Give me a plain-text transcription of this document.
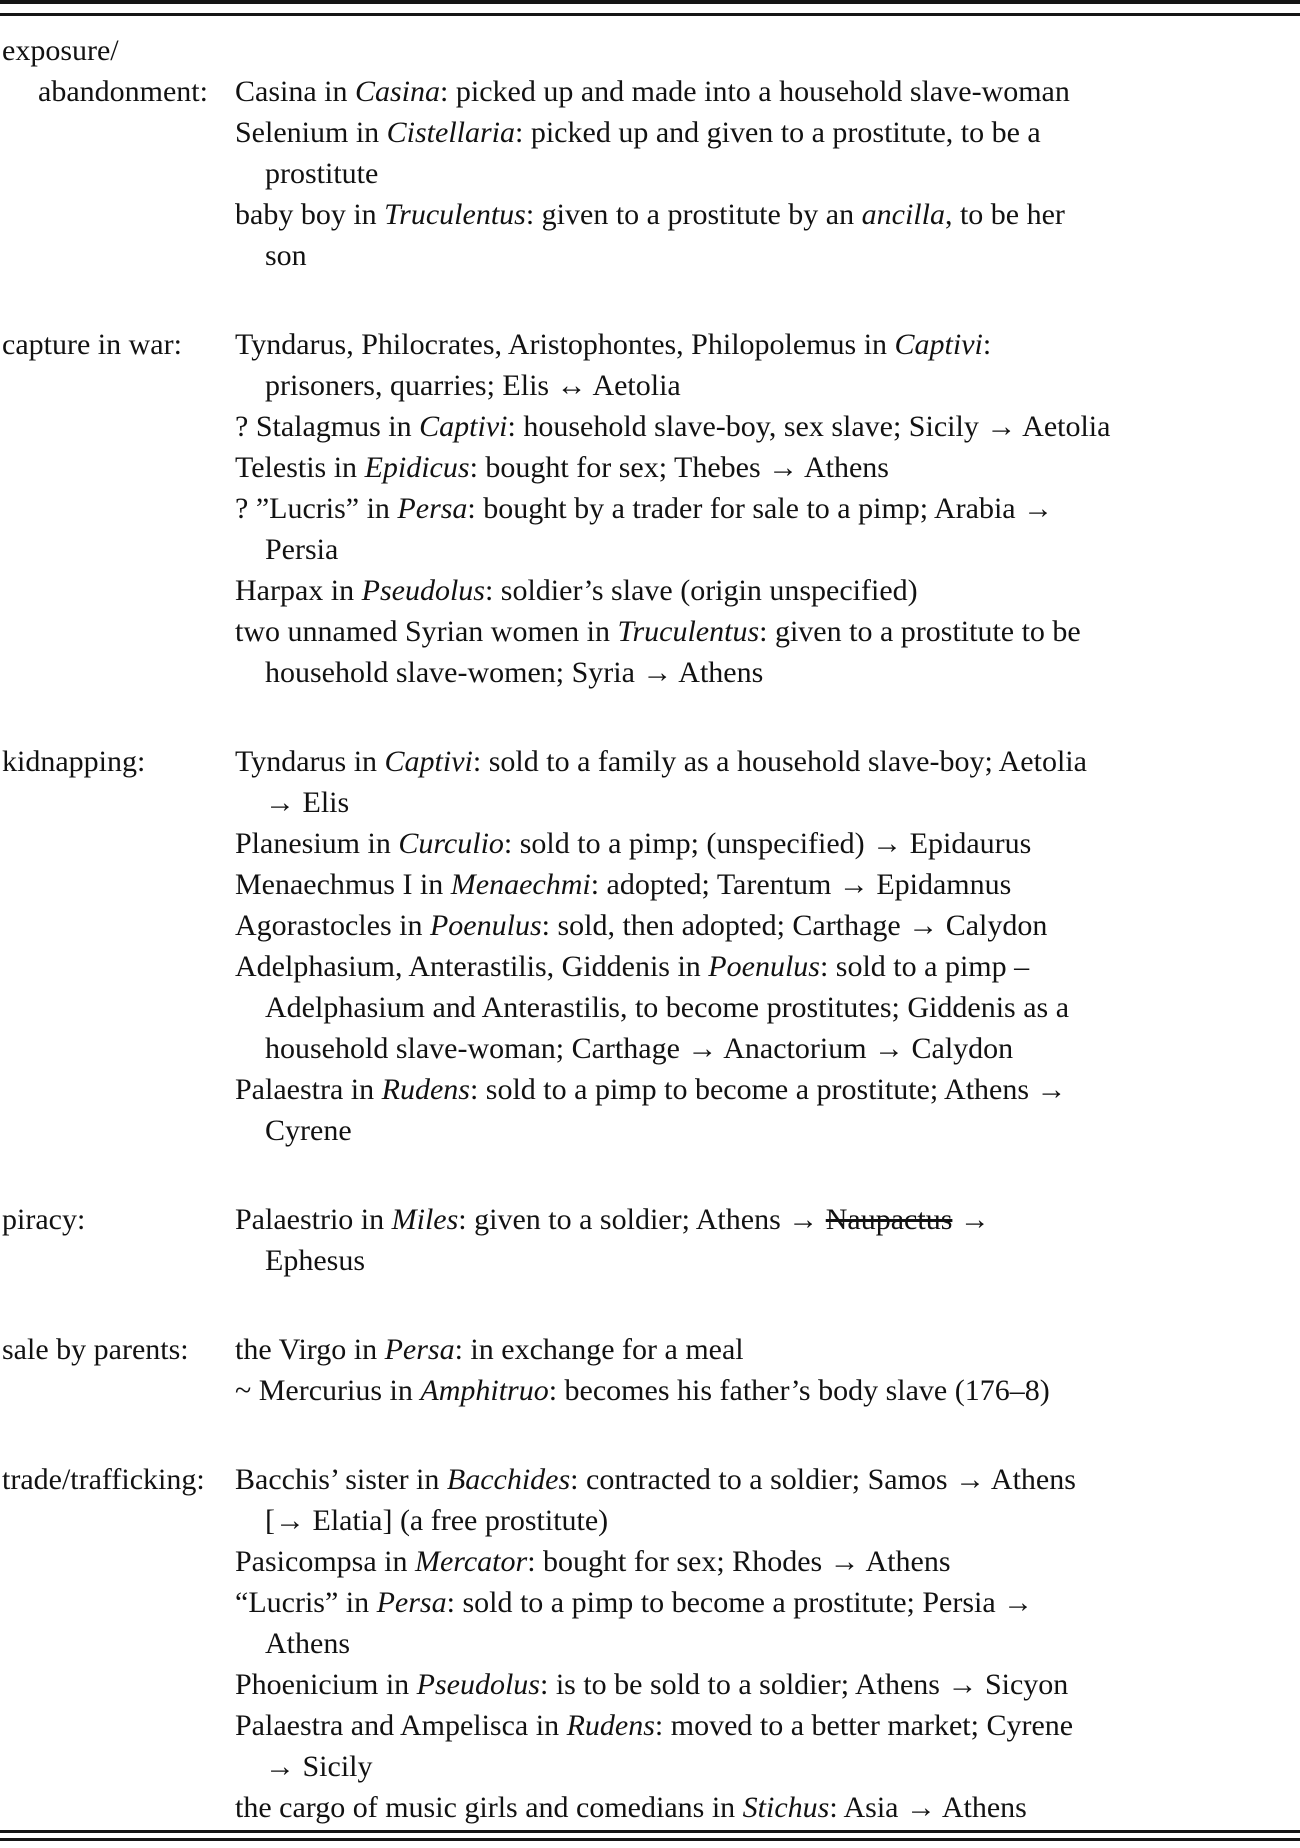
exposure/
abandonment: Casina in Casina: picked up and made into a household slave-woman
Selenium in Cistellaria: picked up and given to a prostitute, to be a
prostitute
baby boy in Truculentus: given to a prostitute by an ancilla, to be her
son
capture in war:	Tyndarus, Philocrates, Aristophontes, Philopolemus in Captivi:
prisoners, quarries; Elis ↔ Aetolia
? Stalagmus in Captivi: household slave-boy, sex slave; Sicily → Aetolia
Telestis in Epidicus: bought for sex; Thebes → Athens
? ”Lucris” in Persa: bought by a trader for sale to a pimp; Arabia →
Persia
Harpax in Pseudolus: soldier’s slave (origin unspecified)
two unnamed Syrian women in Truculentus: given to a prostitute to be
household slave-women; Syria → Athens
kidnapping:	Tyndarus in Captivi: sold to a family as a household slave-boy; Aetolia
→ Elis
Planesium in Curculio: sold to a pimp; (unspecified) → Epidaurus
Menaechmus I in Menaechmi: adopted; Tarentum → Epidamnus
Agorastocles in Poenulus: sold, then adopted; Carthage → Calydon
Adelphasium, Anterastilis, Giddenis in Poenulus: sold to a pimp –
Adelphasium and Anterastilis, to become prostitutes; Giddenis as a
household slave-woman; Carthage → Anactorium → Calydon
Palaestra in Rudens: sold to a pimp to become a prostitute; Athens →
Cyrene
piracy:	Palaestrio in Miles: given to a soldier; Athens → Naupactus →
Ephesus
sale by parents:	the Virgo in Persa: in exchange for a meal
~ Mercurius in Amphitruo: becomes his father’s body slave (176–8)
trade/trafficking:	Bacchis’ sister in Bacchides: contracted to a soldier; Samos → Athens
[→ Elatia] (a free prostitute)
Pasicompsa in Mercator: bought for sex; Rhodes → Athens
“Lucris” in Persa: sold to a pimp to become a prostitute; Persia →
Athens
Phoenicium in Pseudolus: is to be sold to a soldier; Athens → Sicyon
Palaestra and Ampelisca in Rudens: moved to a better market; Cyrene
→ Sicily
the cargo of music girls and comedians in Stichus: Asia → Athens
